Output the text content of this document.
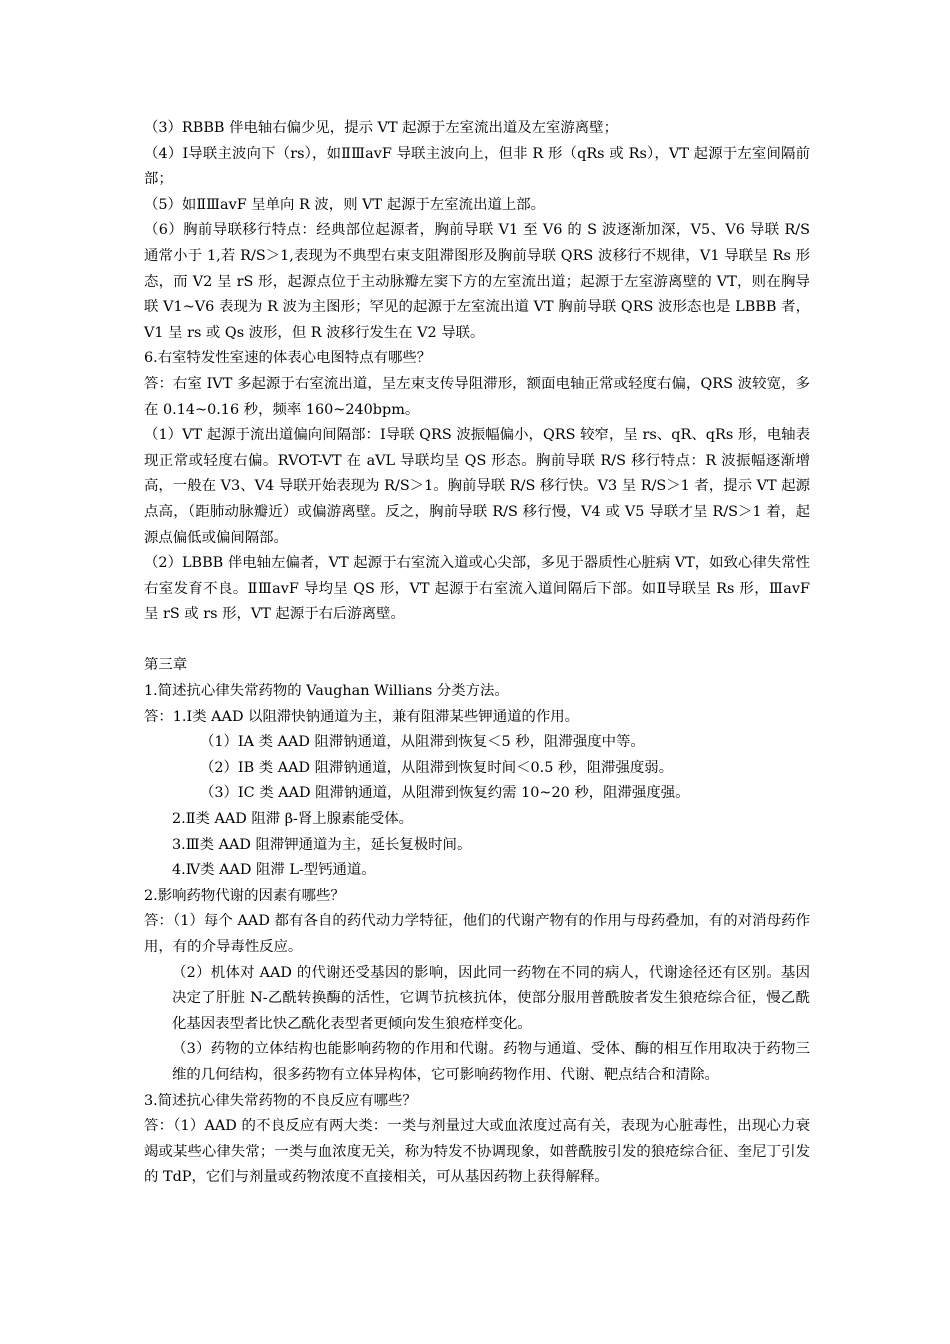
（3）RBBB 伴电轴右偏少见，提示 VT 起源于左室流出道及左室游离壁；

（4）Ⅰ导联主波向下（rs），如ⅡⅢavF 导联主波向上，但非 R 形（qRs 或 Rs），VT 起源于左室间隔前部；

（5）如ⅡⅢavF 呈单向 R 波，则 VT 起源于左室流出道上部。

（6）胸前导联移行特点：经典部位起源者，胸前导联 V1 至 V6 的 S 波逐渐加深，V5、V6 导联 R/S 通常小于 1,若 R/S＞1,表现为不典型右束支阻滞图形及胸前导联 QRS 波移行不规律，V1 导联呈 Rs 形态，而 V2 呈 rS 形，起源点位于主动脉瓣左窦下方的左室流出道；起源于左室游离壁的 VT，则在胸导联 V1~V6 表现为 R 波为主图形；罕见的起源于左室流出道 VT 胸前导联 QRS 波形态也是 LBBB 者，V1 呈 rs 或 Qs 波形，但 R 波移行发生在 V2 导联。

6.右室特发性室速的体表心电图特点有哪些？

答：右室 IVT 多起源于右室流出道，呈左束支传导阻滞形，额面电轴正常或轻度右偏，QRS 波较宽，多在 0.14~0.16 秒，频率 160~240bpm。

（1）VT 起源于流出道偏向间隔部：Ⅰ导联 QRS 波振幅偏小，QRS 较窄，呈 rs、qR、qRs 形，电轴表现正常或轻度右偏。RVOT-VT 在 aVL 导联均呈 QS 形态。胸前导联 R/S 移行特点：R 波振幅逐渐增高，一般在 V3、V4 导联开始表现为 R/S＞1。胸前导联 R/S 移行快。V3 呈 R/S＞1 者，提示 VT 起源点高，（距肺动脉瓣近）或偏游离壁。反之，胸前导联 R/S 移行慢，V4 或 V5 导联才呈 R/S＞1 着，起源点偏低或偏间隔部。

（2）LBBB 伴电轴左偏者，VT 起源于右室流入道或心尖部，多见于器质性心脏病 VT，如致心律失常性右室发育不良。ⅡⅢavF 导均呈 QS 形，VT 起源于右室流入道间隔后下部。如Ⅱ导联呈 Rs 形，ⅢavF 呈 rS 或 rs 形，VT 起源于右后游离壁。

第三章

1.简述抗心律失常药物的 Vaughan Willians 分类方法。

答：1.Ⅰ类 AAD 以阻滞快钠通道为主，兼有阻滞某些钾通道的作用。

（1）ⅠA 类 AAD 阻滞钠通道，从阻滞到恢复＜5 秒，阻滞强度中等。

（2）ⅠB 类 AAD 阻滞钠通道，从阻滞到恢复时间＜0.5 秒，阻滞强度弱。

（3）ⅠC 类 AAD 阻滞钠通道，从阻滞到恢复约需 10~20 秒，阻滞强度强。

2.Ⅱ类 AAD 阻滞 β-肾上腺素能受体。

3.Ⅲ类 AAD 阻滞钾通道为主，延长复极时间。

4.Ⅳ类 AAD 阻滞 L-型钙通道。

2.影响药物代谢的因素有哪些？

答：（1）每个 AAD 都有各自的药代动力学特征，他们的代谢产物有的作用与母药叠加，有的对消母药作用，有的介导毒性反应。

（2）机体对 AAD 的代谢还受基因的影响，因此同一药物在不同的病人，代谢途径还有区别。基因决定了肝脏 N-乙酰转换酶的活性，它调节抗核抗体，使部分服用普酰胺者发生狼疮综合征，慢乙酰化基因表型者比快乙酰化表型者更倾向发生狼疮样变化。

（3）药物的立体结构也能影响药物的作用和代谢。药物与通道、受体、酶的相互作用取决于药物三维的几何结构，很多药物有立体异构体，它可影响药物作用、代谢、靶点结合和清除。

3.简述抗心律失常药物的不良反应有哪些？

答：（1）AAD 的不良反应有两大类：一类与剂量过大或血浓度过高有关，表现为心脏毒性，出现心力衰竭或某些心律失常；一类与血浓度无关，称为特发不协调现象，如普酰胺引发的狼疮综合征、奎尼丁引发的 TdP，它们与剂量或药物浓度不直接相关，可从基因药物上获得解释。
